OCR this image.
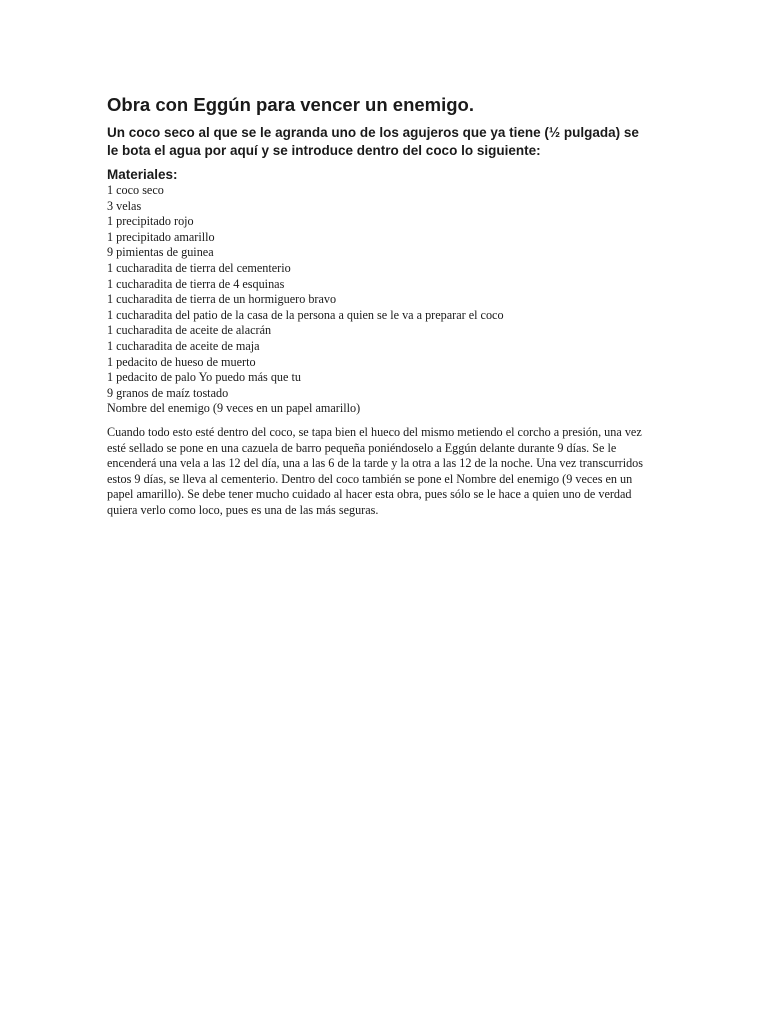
Obra con Eggún para vencer un enemigo.

Un coco seco al que se le agranda uno de los agujeros que ya tiene (½ pulgada) se le bota el agua por aquí y se introduce dentro del coco lo siguiente:

Materiales:
1 coco seco
3 velas
1 precipitado rojo
1 precipitado amarillo
9 pimientas de guinea
1 cucharadita de tierra del cementerio
1 cucharadita de tierra de 4 esquinas
1 cucharadita de tierra de un hormiguero bravo
1 cucharadita del patio de la casa de la persona a quien se le va a preparar el coco
1 cucharadita de aceite de alacrán
1 cucharadita de aceite de maja
1 pedacito de hueso de muerto
1 pedacito de palo Yo puedo más que tu
9 granos de maíz tostado
Nombre del enemigo (9 veces en un papel amarillo)

Cuando todo esto esté dentro del coco, se tapa bien el hueco del mismo metiendo el corcho a presión, una vez esté sellado se pone en una cazuela de barro pequeña poniéndoselo a Eggún delante durante 9 días. Se le encenderá una vela a las 12 del día, una a las 6 de la tarde y la otra a las 12 de la noche. Una vez transcurridos estos 9 días, se lleva al cementerio. Dentro del coco también se pone el Nombre del enemigo (9 veces en un papel amarillo). Se debe tener mucho cuidado al hacer esta obra, pues sólo se le hace a quien uno de verdad quiera verlo como loco, pues es una de las más seguras.
